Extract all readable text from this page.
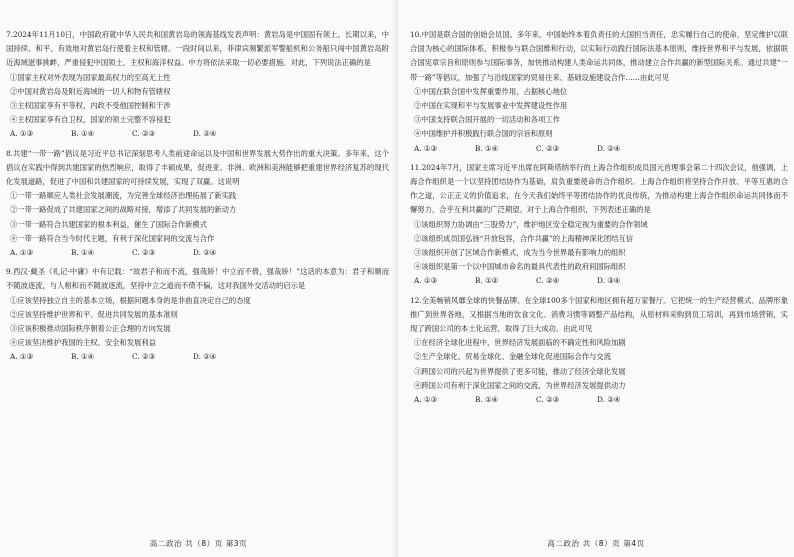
7.2024年11月10日，中国政府就中华人民共和国黄岩岛的领海基线发表声明：黄岩岛是中国固有领土。长期以来，中国持续、和平、有效地对黄岩岛行使着主权和管辖。一段时间以来，菲律宾频繁派军警船机和公务船只闯中国黄岩岛附近海域滋事挑衅，严重侵犯中国领土、主权和海洋权益。中方将依法采取一切必要措施。对此，下列说法正确的是
①国家主权对外表现为国家最高权力的至高无上性
②中国对黄岩岛及附近海域的一切人和物有管辖权
③主权国家享有平等权，内政不受他国控制和干涉
④主权国家享有自卫权，国家的领土完整不容侵犯
A. ①③	B. ①④	C. ②③	D. ②④
8.共建“一带一路”倡议是习近平总书记深刻思考人类前途命运以及中国和世界发展大势作出的重大决策。多年来，这个倡议在实践中得到共建国家的热烈响应，取得了丰硕成果，促进亚、非洲、欧洲和美洲能够把重建世界经济复苏的现代化发展道路，促进了中国和共建国家的可持续发展，实现了双赢。这说明
①一带一路顺应人类社会发展潮流，为完善全球经济治理拓展了新实践
②一带一路促成了共建国家之间的战略对接，增添了共同发展的新动力
③一带一路符合共建国家的根本利益，催生了国际合作新模式
④一带一路符合当今时代主题，有利于深化国家间的交流与合作
A. ①③	B. ①④	C. ②③	D. ②④
9.西汉·戴圣《礼记·中庸》中有记载：“故君子和而不流，强哉矫！中立而不倚，强哉矫！”这话的本意为：君子和顺而不随波逐流，与人相和而不随波逐流，坚持中立之道而不倚不偏，这对我国外交活动的启示是
①应该坚持独立自主的基本立场，根据问题本身的是非曲直决定自己的态度
②应该坚持维护世界和平、促进共同发展的基本准则
③应该积极推动国际秩序朝着公正合理的方向发展
④应该坚决维护我国的主权、安全和发展利益
A. ①③	B. ①④	C. ②③	D. ②④
高二政治 共（8）页 第3页
10.中国是联合国的创始会员国。多年来，中国始终本着负责任的大国担当责任，忠实履行自己的使命，坚定维护以联合国为核心的国际体系，积极参与联合国维和行动，以实际行动践行国际法基本原则，维持世界和平与发展，依据联合国宪章宗旨和原则参与国际事务，加快推动构建人类命运共同体，推动建立合作共赢的新型国际关系。通过共建“一带一路”等倡议，加强了与沿线国家的贸易往来、基础设施建设合作……由此可见
①中国在联合国中发挥重要作用，占据核心地位
②中国在实现和平与发展事业中发挥建设性作用
③中国支持联合国开展的一切活动和各项工作
④中国维护并积极践行联合国的宗旨和原则
A. ①③	B. ①④	C. ②③	D. ②④
11.2024年7月，国家主席习近平出席在阿斯塔纳举行的上海合作组织成员国元首理事会第二十四次会议，他强调，上海合作组织是一个以坚持团结协作为基础，肩负重要使命的合作组织。上海合作组织将坚持合作开放、平等互惠的合作之道，公正正义的价值追求，在今天我们始终平等团结协作的优良传统，为推动构建上海合作组织命运共同体而不懈努力，合乎互利共赢的广泛期望。对于上海合作组织，下列表述正确的是
①该组织努力协调由“三股势力”，维护地区安全稳定视为重要的合作领域
②该组织成员国弘扬“开放包容，合作共赢”的上海精神深化团结互信
③该组织开创了区域合作新模式，成为当今世界最有影响力的组织
④该组织是第一个以中国城市命名的最具代表性的政府间国际组织
A. ①③	B. ①②	C. ②④	D. ③④
12.全美畅销风靡全球的快餐品牌。在全球100多个国家和地区拥有超万家餐厅。它把统一的生产经营模式、品牌形象推广到世界各地，又根据当地的饮食文化、消费习惯等调整产品结构，从原材料采购到员工培训，再到市场营销，实现了跨国公司的本土化运营，取得了巨大成功。由此可见
①在经济全球化进程中，世界经济发展面临的不确定性和风险加剧
②生产全球化、贸易全球化、金融全球化促进国际合作与交流
③跨国公司的兴起为世界提供了更多可能，推动了经济全球化发展
④跨国公司有利于深化国家之间的交流，为世界经济发展提供动力
A. ①③	B. ①④	C. ②③	D. ②④
高二政治 共（8）页 第4页
